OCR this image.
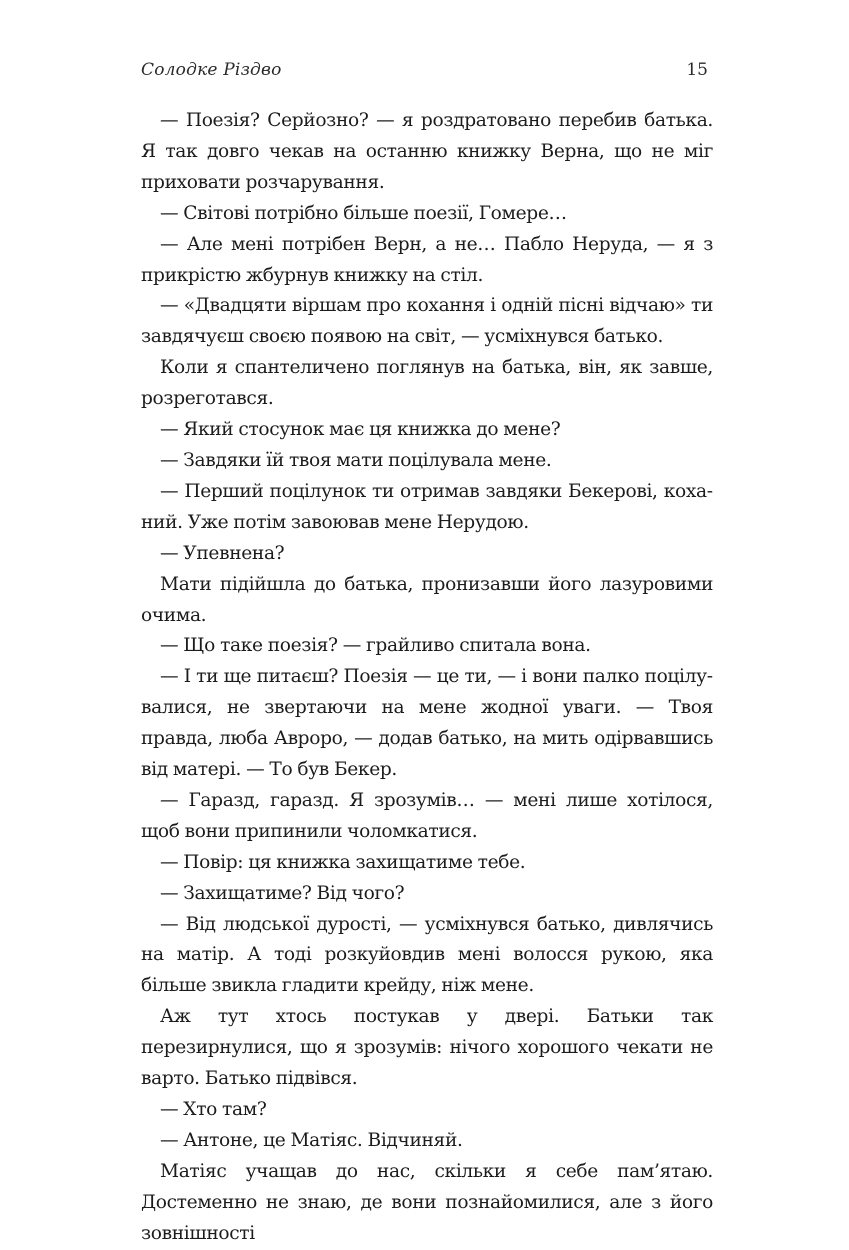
Солодке Різдво	15

— Поезія? Серйозно? — я роздратовано перебив батька. Я так довго чекав на останню книжку Верна, що не міг приховати розчарування.

— Світові потрібно більше поезії, Гомере…

— Але мені потрібен Верн, а не… Пабло Неруда, — я з прикрістю жбурнув книжку на стіл.

— «Двадцяти віршам про кохання і одній пісні відчаю» ти завдячуєш своєю появою на світ, — усміхнувся батько.

Коли я спантеличено поглянув на батька, він, як завше, розреготався.

— Який стосунок має ця книжка до мене?

— Завдяки їй твоя мати поцілувала мене.

— Перший поцілунок ти отримав завдяки Бекерові, коханий. Уже потім завоював мене Нерудою.

— Упевнена?

Мати підійшла до батька, пронизавши його лазуровими очима.

— Що таке поезія? — грайливо спитала вона.

— І ти ще питаєш? Поезія — це ти, — і вони палко поцілувалися, не звертаючи на мене жодної уваги. — Твоя правда, люба Авроро, — додав батько, на мить одірвавшись від матері. — То був Бекер.

— Гаразд, гаразд. Я зрозумів… — мені лише хотілося, щоб вони припинили чоломкатися.

— Повір: ця книжка захищатиме тебе.

— Захищатиме? Від чого?

— Від людської дурості, — усміхнувся батько, дивлячись на матір. А тоді розкуйовдив мені волосся рукою, яка більше звикла гладити крейду, ніж мене.

Аж тут хтось постукав у двері. Батьки так перезирнулися, що я зрозумів: нічого хорошого чекати не варто. Батько підвівся.

— Хто там?

— Антоне, це Матіяс. Відчиняй.

Матіяс учащав до нас, скільки я себе пам’ятаю. Достеменно не знаю, де вони познайомилися, але з його зовнішності
